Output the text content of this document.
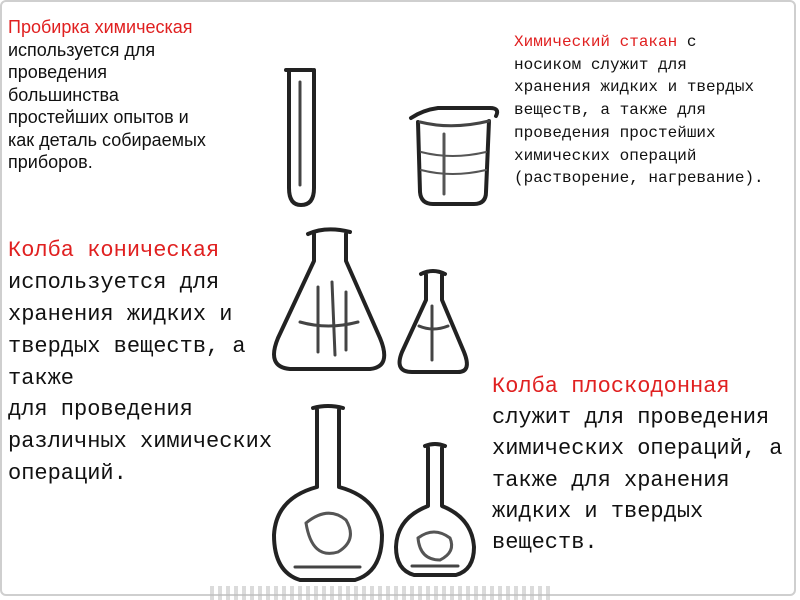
Пробирка химическая
используется для
проведения
большинства
простейших опытов и
как деталь собираемых
приборов.
Химический стакан с
носиком служит для
хранения жидких и твердых
веществ, а также для
проведения простейших
химических операций
(растворение, нагревание).
Колба коническая
используется для
хранения жидких и
твердых веществ, а также
для проведения
различных химических
операций.
Колба плоскодонная
служит для проведения
химических операций, а
также для хранения
жидких и твердых
веществ.
